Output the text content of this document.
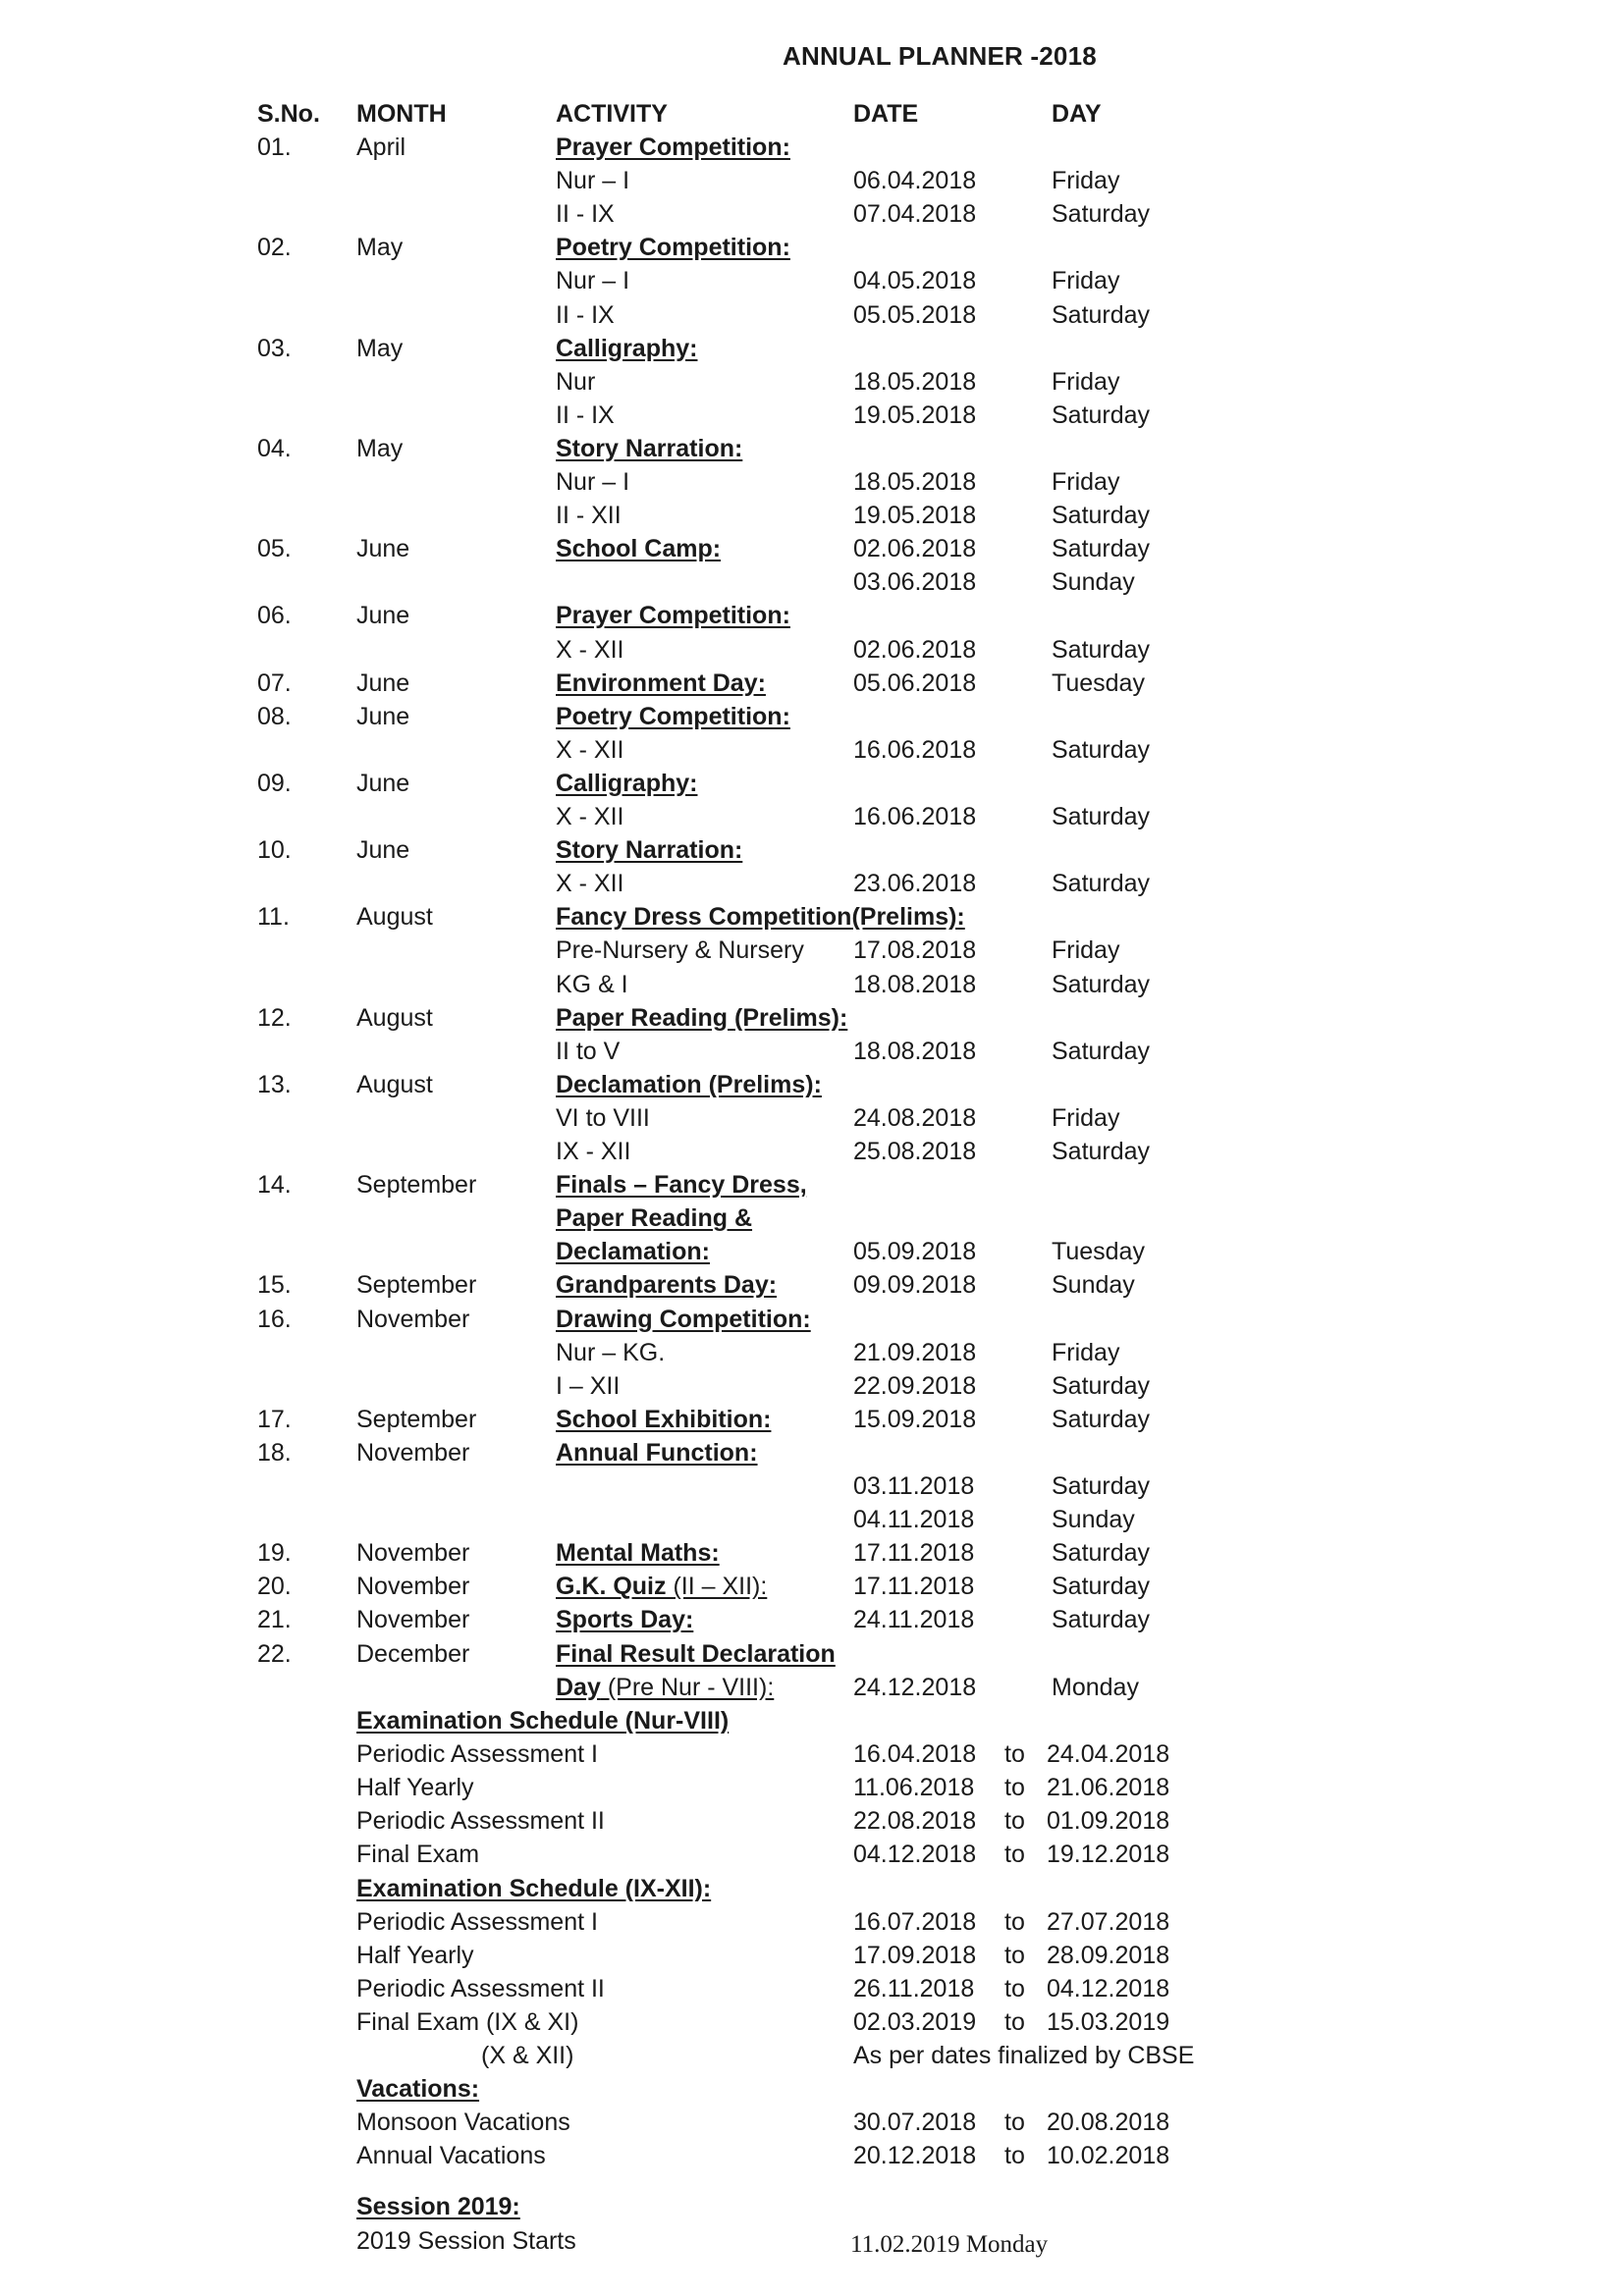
ANNUAL PLANNER -2018
S.No. MONTH	ACTIVITY	DATE	DAY
01.	April	Prayer Competition:
Nur – I	06.04.2018	Friday
II - IX	07.04.2018	Saturday
02.	May	Poetry Competition:
Nur – I	04.05.2018	Friday
II - IX	05.05.2018	Saturday
03.	May	Calligraphy:
Nur	18.05.2018	Friday
II - IX	19.05.2018	Saturday
04.	May	Story Narration:
Nur – I	18.05.2018	Friday
II - XII	19.05.2018	Saturday
05.	June	School Camp:	02.06.2018	Saturday
03.06.2018	Sunday
06.	June	Prayer Competition:
X - XII	02.06.2018	Saturday
07.	June	Environment Day:	05.06.2018	Tuesday
08.	June	Poetry Competition:
X - XII	16.06.2018	Saturday
09.	June	Calligraphy:
X - XII	16.06.2018	Saturday
10.	June	Story Narration:
X - XII	23.06.2018	Saturday
11.	August	Fancy Dress Competition(Prelims):
Pre-Nursery & Nursery 17.08.2018	Friday
KG & I	18.08.2018	Saturday
12.	August	Paper Reading (Prelims):
II to V	18.08.2018	Saturday
13.	August	Declamation (Prelims):
VI to VIII	24.08.2018	Friday
IX - XII	25.08.2018	Saturday
14.	September	Finals – Fancy Dress,
Paper Reading &
Declamation:	05.09.2018	Tuesday
15.	September	Grandparents Day:	09.09.2018	Sunday
16.	November	Drawing Competition:
Nur – KG.	21.09.2018	Friday
I – XII	22.09.2018	Saturday
17.	September	School Exhibition:	15.09.2018	Saturday
18.	November	Annual Function:
03.11.2018	Saturday
04.11.2018	Sunday
19.	November	Mental Maths:	17.11.2018	Saturday
20.	November	G.K. Quiz (II – XII):	17.11.2018	Saturday
21.	November	Sports Day:	24.11.2018	Saturday
22.	December	Final Result Declaration
Day (Pre Nur - VIII):	24.12.2018	Monday
Examination Schedule (Nur-VIII)
Periodic Assessment I	16.04.2018 to 24.04.2018
Half Yearly	11.06.2018 to 21.06.2018
Periodic Assessment II	22.08.2018 to 01.09.2018
Final Exam	04.12.2018 to 19.12.2018
Examination Schedule (IX-XII):
Periodic Assessment I	16.07.2018 to 27.07.2018
Half Yearly	17.09.2018 to 28.09.2018
Periodic Assessment II	26.11.2018 to 04.12.2018
Final Exam (IX & XI)	02.03.2019 to 15.03.2019
(X & XII)	As per dates finalized by CBSE
Vacations:
Monsoon Vacations	30.07.2018 to 20.08.2018
Annual Vacations	20.12.2018 to 10.02.2018
Session 2019:
2019 Session Starts	11.02.2019 Monday
